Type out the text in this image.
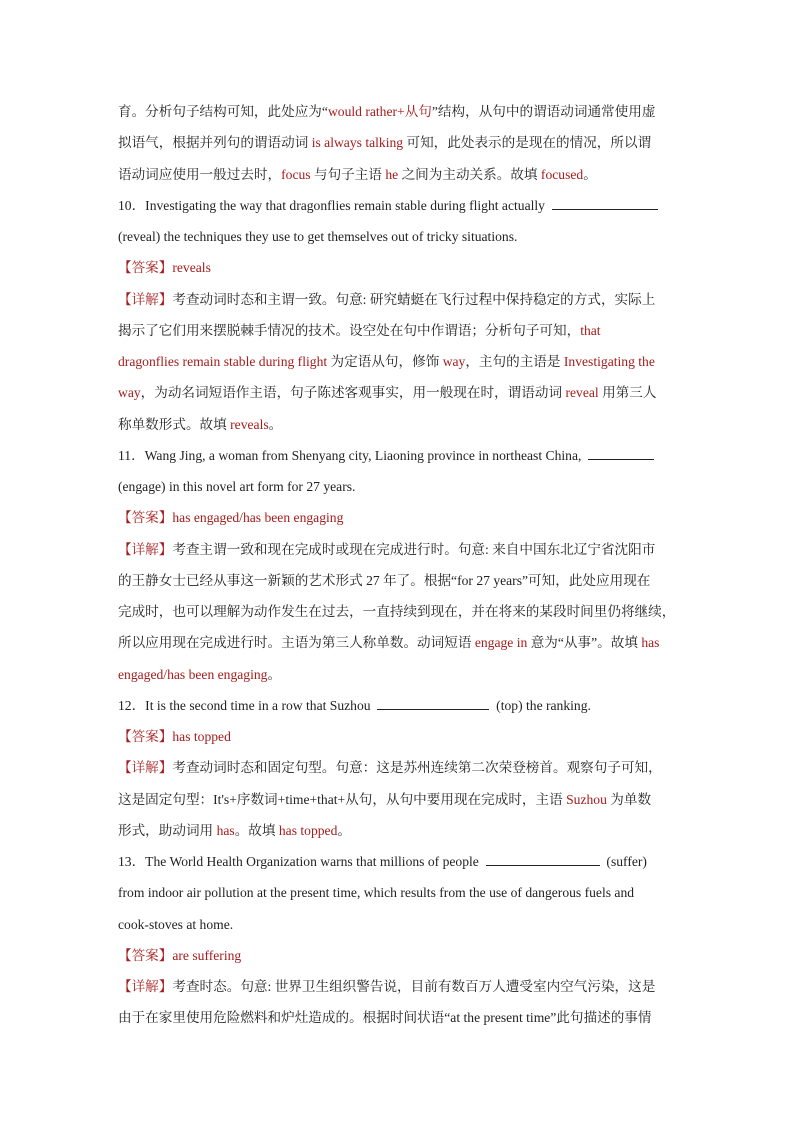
育。分析句子结构可知，此处应为“would rather+从句”结构，从句中的谓语动词通常使用虚
拟语气，根据并列句的谓语动词 is always talking 可知，此处表示的是现在的情况，所以谓
语动词应使用一般过去时，focus 与句子主语 he 之间为主动关系。故填 focused。
10．Investigating the way that dragonflies remain stable during flight actually
(reveal) the techniques they use to get themselves out of tricky situations.
【答案】reveals
【详解】考查动词时态和主谓一致。句意: 研究蜻蜓在飞行过程中保持稳定的方式，实际上
揭示了它们用来摆脱棘手情况的技术。设空处在句中作谓语；分析句子可知，that
dragonflies remain stable during flight 为定语从句，修饰 way，主句的主语是 Investigating the
way，为动名词短语作主语，句子陈述客观事实，用一般现在时，谓语动词 reveal 用第三人
称单数形式。故填 reveals。
11．Wang Jing, a woman from Shenyang city, Liaoning province in northeast China,
(engage) in this novel art form for 27 years.
【答案】has engaged/has been engaging
【详解】考查主谓一致和现在完成时或现在完成进行时。句意: 来自中国东北辽宁省沈阳市
的王静女士已经从事这一新颖的艺术形式 27 年了。根据“for 27 years”可知，此处应用现在
完成时，也可以理解为动作发生在过去，一直持续到现在，并在将来的某段时间里仍将继续，
所以应用现在完成进行时。主语为第三人称单数。动词短语 engage in 意为“从事”。故填 has
engaged/has been engaging。
12．It is the second time in a row that Suzhou	(top) the ranking.
【答案】has topped
【详解】考查动词时态和固定句型。句意：这是苏州连续第二次荣登榜首。观察句子可知，
这是固定句型：It's+序数词+time+that+从句，从句中要用现在完成时，主语 Suzhou 为单数
形式，助动词用 has。故填 has topped。
13．The World Health Organization warns that millions of people	(suffer)
from indoor air pollution at the present time, which results from the use of dangerous fuels and
cook-stoves at home.
【答案】are suffering
【详解】考查时态。句意: 世界卫生组织警告说，目前有数百万人遭受室内空气污染，这是
由于在家里使用危险燃料和炉灶造成的。根据时间状语“at the present time”此句描述的事情
